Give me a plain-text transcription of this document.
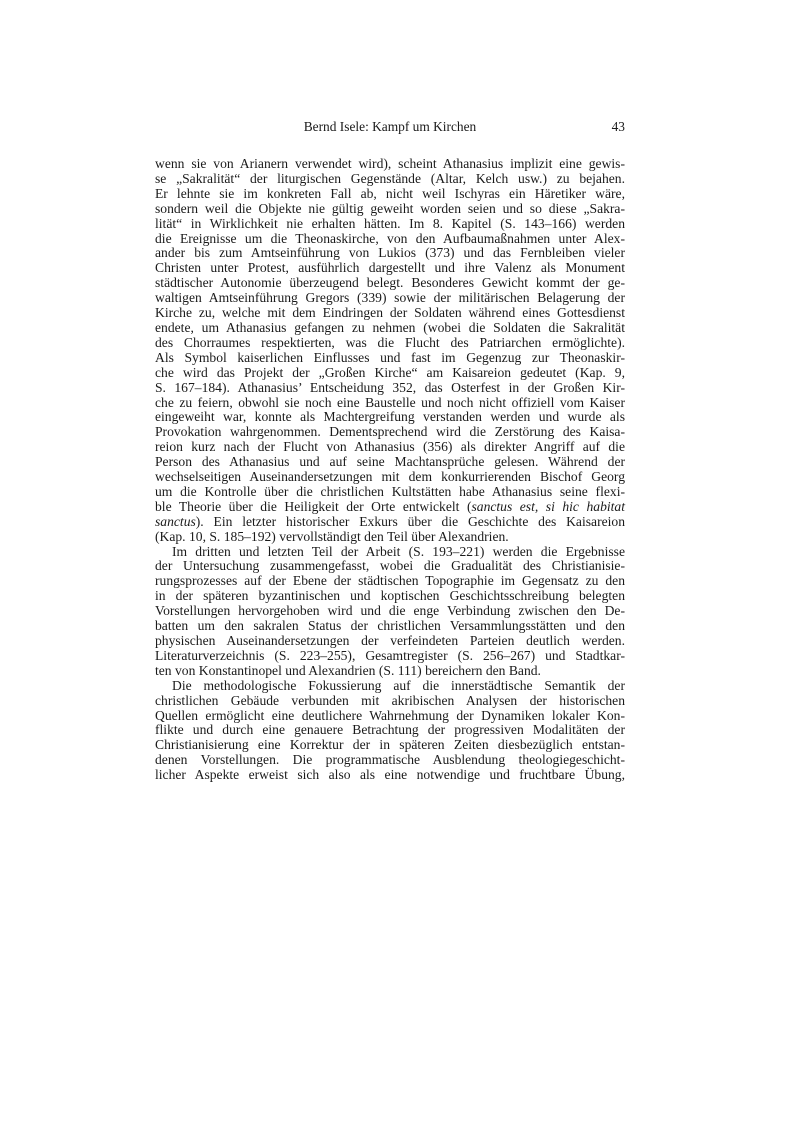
Bernd Isele: Kampf um Kirchen	43
wenn sie von Arianern verwendet wird), scheint Athanasius implizit eine gewis-
se „Sakralität“ der liturgischen Gegenstände (Altar, Kelch usw.) zu bejahen.
Er lehnte sie im konkreten Fall ab, nicht weil Ischyras ein Häretiker wäre,
sondern weil die Objekte nie gültig geweiht worden seien und so diese „Sakra-
lität“ in Wirklichkeit nie erhalten hätten. Im 8. Kapitel (S. 143–166) werden
die Ereignisse um die Theonaskirche, von den Aufbaumaßnahmen unter Alex-
ander bis zum Amtseinführung von Lukios (373) und das Fernbleiben vieler
Christen unter Protest, ausführlich dargestellt und ihre Valenz als Monument
städtischer Autonomie überzeugend belegt. Besonderes Gewicht kommt der ge-
waltigen Amtseinführung Gregors (339) sowie der militärischen Belagerung der
Kirche zu, welche mit dem Eindringen der Soldaten während eines Gottesdienst
endete, um Athanasius gefangen zu nehmen (wobei die Soldaten die Sakralität
des Chorraumes respektierten, was die Flucht des Patriarchen ermöglichte).
Als Symbol kaiserlichen Einflusses und fast im Gegenzug zur Theonaskir-
che wird das Projekt der „Großen Kirche“ am Kaisareion gedeutet (Kap. 9,
S. 167–184). Athanasius’ Entscheidung 352, das Osterfest in der Großen Kir-
che zu feiern, obwohl sie noch eine Baustelle und noch nicht offiziell vom Kaiser
eingeweiht war, konnte als Machtergreifung verstanden werden und wurde als
Provokation wahrgenommen. Dementsprechend wird die Zerstörung des Kaisa-
reion kurz nach der Flucht von Athanasius (356) als direkter Angriff auf die
Person des Athanasius und auf seine Machtansprüche gelesen. Während der
wechselseitigen Auseinandersetzungen mit dem konkurrierenden Bischof Georg
um die Kontrolle über die christlichen Kultstätten habe Athanasius seine flexi-
ble Theorie über die Heiligkeit der Orte entwickelt (sanctus est, si hic habitat
sanctus). Ein letzter historischer Exkurs über die Geschichte des Kaisareion
(Kap. 10, S. 185–192) vervollständigt den Teil über Alexandrien.
Im dritten und letzten Teil der Arbeit (S. 193–221) werden die Ergebnisse
der Untersuchung zusammengefasst, wobei die Gradualität des Christianisie-
rungsprozesses auf der Ebene der städtischen Topographie im Gegensatz zu den
in der späteren byzantinischen und koptischen Geschichtsschreibung belegten
Vorstellungen hervorgehoben wird und die enge Verbindung zwischen den De-
batten um den sakralen Status der christlichen Versammlungsstätten und den
physischen Auseinandersetzungen der verfeindeten Parteien deutlich werden.
Literaturverzeichnis (S. 223–255), Gesamtregister (S. 256–267) und Stadtkar-
ten von Konstantinopel und Alexandrien (S. 111) bereichern den Band.
Die methodologische Fokussierung auf die innerstädtische Semantik der
christlichen Gebäude verbunden mit akribischen Analysen der historischen
Quellen ermöglicht eine deutlichere Wahrnehmung der Dynamiken lokaler Kon-
flikte und durch eine genauere Betrachtung der progressiven Modalitäten der
Christianisierung eine Korrektur der in späteren Zeiten diesbezüglich entstan-
denen Vorstellungen. Die programmatische Ausblendung theologiegeschicht-
licher Aspekte erweist sich also als eine notwendige und fruchtbare Übung,
